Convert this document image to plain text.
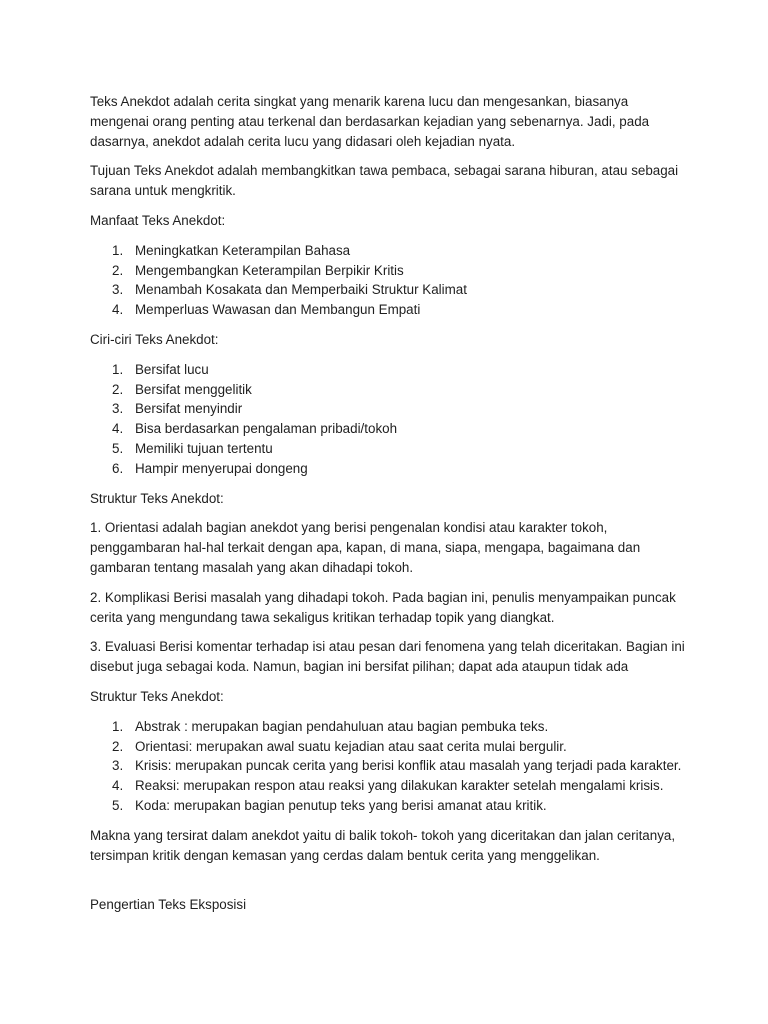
Teks Anekdot adalah cerita singkat yang menarik karena lucu dan mengesankan, biasanya mengenai orang penting atau terkenal dan berdasarkan kejadian yang sebenarnya. Jadi, pada dasarnya, anekdot adalah cerita lucu yang didasari oleh kejadian nyata.

Tujuan Teks Anekdot adalah membangkitkan tawa pembaca, sebagai sarana hiburan, atau sebagai sarana untuk mengkritik.

Manfaat Teks Anekdot:

1. Meningkatkan Keterampilan Bahasa
2. Mengembangkan Keterampilan Berpikir Kritis
3. Menambah Kosakata dan Memperbaiki Struktur Kalimat
4. Memperluas Wawasan dan Membangun Empati

Ciri-ciri Teks Anekdot:

1. Bersifat lucu
2. Bersifat menggelitik
3. Bersifat menyindir
4. Bisa berdasarkan pengalaman pribadi/tokoh
5. Memiliki tujuan tertentu
6. Hampir menyerupai dongeng

Struktur Teks Anekdot:

1. Orientasi adalah bagian anekdot yang berisi pengenalan kondisi atau karakter tokoh, penggambaran hal-hal terkait dengan apa, kapan, di mana, siapa, mengapa, bagaimana dan gambaran tentang masalah yang akan dihadapi tokoh.

2. Komplikasi Berisi masalah yang dihadapi tokoh. Pada bagian ini, penulis menyampaikan puncak cerita yang mengundang tawa sekaligus kritikan terhadap topik yang diangkat.

3. Evaluasi Berisi komentar terhadap isi atau pesan dari fenomena yang telah diceritakan. Bagian ini disebut juga sebagai koda. Namun, bagian ini bersifat pilihan; dapat ada ataupun tidak ada

Struktur Teks Anekdot:

1. Abstrak : merupakan bagian pendahuluan atau bagian pembuka teks.
2. Orientasi: merupakan awal suatu kejadian atau saat cerita mulai bergulir.
3. Krisis: merupakan puncak cerita yang berisi konflik atau masalah yang terjadi pada karakter.
4. Reaksi: merupakan respon atau reaksi yang dilakukan karakter setelah mengalami krisis.
5. Koda: merupakan bagian penutup teks yang berisi amanat atau kritik.

Makna yang tersirat dalam anekdot yaitu di balik tokoh- tokoh yang diceritakan dan jalan ceritanya, tersimpan kritik dengan kemasan yang cerdas dalam bentuk cerita yang menggelikan.

Pengertian Teks Eksposisi
